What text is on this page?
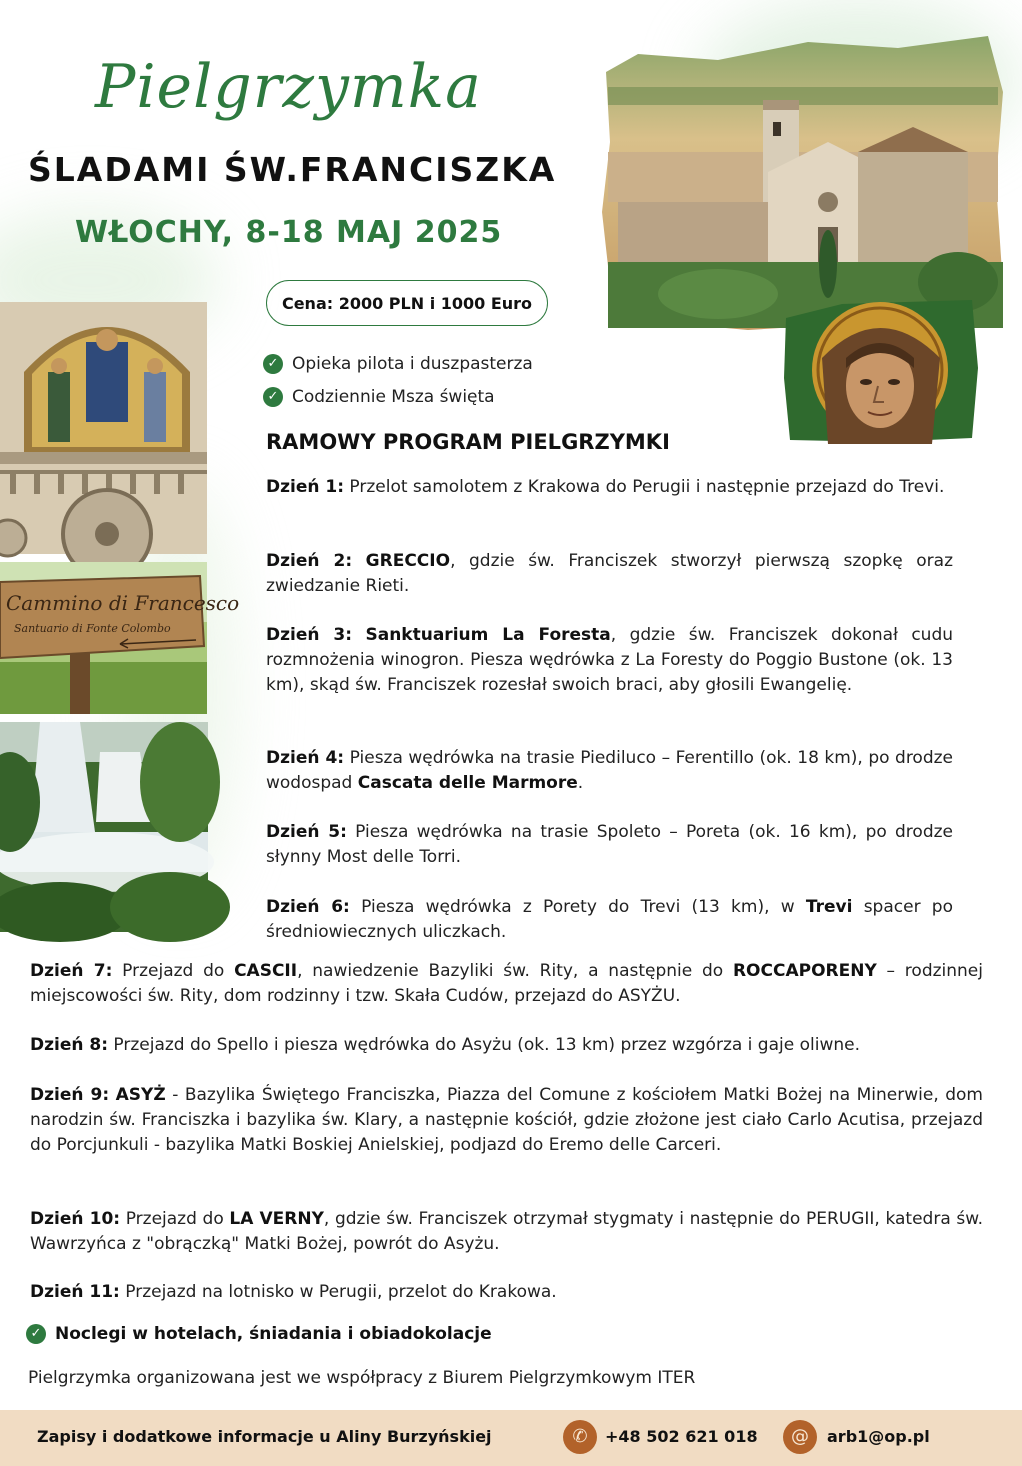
Pielgrzymka
ŚLADAMI ŚW.FRANCISZKA
WŁOCHY, 8-18 MAJ 2025
Cammino di Francesco
Santuario di Fonte Colombo
Cena: 2000 PLN i 1000 Euro
✓ Opieka pilota i duszpasterza
✓ Codziennie Msza święta
RAMOWY PROGRAM PIELGRZYMKI
Dzień 1: Przelot samolotem z Krakowa do Perugii i następnie przejazd do Trevi.
Dzień 2: GRECCIO, gdzie św. Franciszek stworzył pierwszą szopkę oraz zwiedzanie Rieti.
Dzień 3: Sanktuarium La Foresta, gdzie św. Franciszek dokonał cudu rozmnożenia winogron. Piesza wędrówka z La Foresty do Poggio Bustone (ok. 13 km), skąd św. Franciszek rozesłał swoich braci, aby głosili Ewangelię.
Dzień 4: Piesza wędrówka na trasie Piediluco – Ferentillo (ok. 18 km), po drodze wodospad Cascata delle Marmore.
Dzień 5: Piesza wędrówka na trasie Spoleto – Poreta (ok. 16 km), po drodze słynny Most delle Torri.
Dzień 6: Piesza wędrówka z Porety do Trevi (13 km), w Trevi spacer po średniowiecznych uliczkach.
Dzień 7: Przejazd do CASCII, nawiedzenie Bazyliki św. Rity, a następnie do ROCCAPORENY – rodzinnej miejscowości św. Rity, dom rodzinny i tzw. Skała Cudów, przejazd do ASYŻU.
Dzień 8: Przejazd do Spello i piesza wędrówka do Asyżu (ok. 13 km) przez wzgórza i gaje oliwne.
Dzień 9: ASYŻ - Bazylika Świętego Franciszka, Piazza del Comune z kościołem Matki Bożej na Minerwie, dom narodzin św. Franciszka i bazylika św. Klary, a następnie kościół, gdzie złożone jest ciało Carlo Acutisa, przejazd do Porcjunkuli - bazylika Matki Boskiej Anielskiej, podjazd do Eremo delle Carceri.
Dzień 10: Przejazd do LA VERNY, gdzie św. Franciszek otrzymał stygmaty i następnie do PERUGII, katedra św. Wawrzyńca z "obrączką" Matki Bożej, powrót do Asyżu.
Dzień 11: Przejazd na lotnisko w Perugii, przelot do Krakowa.
✓ Noclegi w hotelach, śniadania i obiadokolacje
Pielgrzymka organizowana jest we współpracy z Biurem Pielgrzymkowym ITER
Zapisy i dodatkowe informacje u Aliny Burzyńskiej	✆	+48 502 621 018	@	arb1@op.pl
